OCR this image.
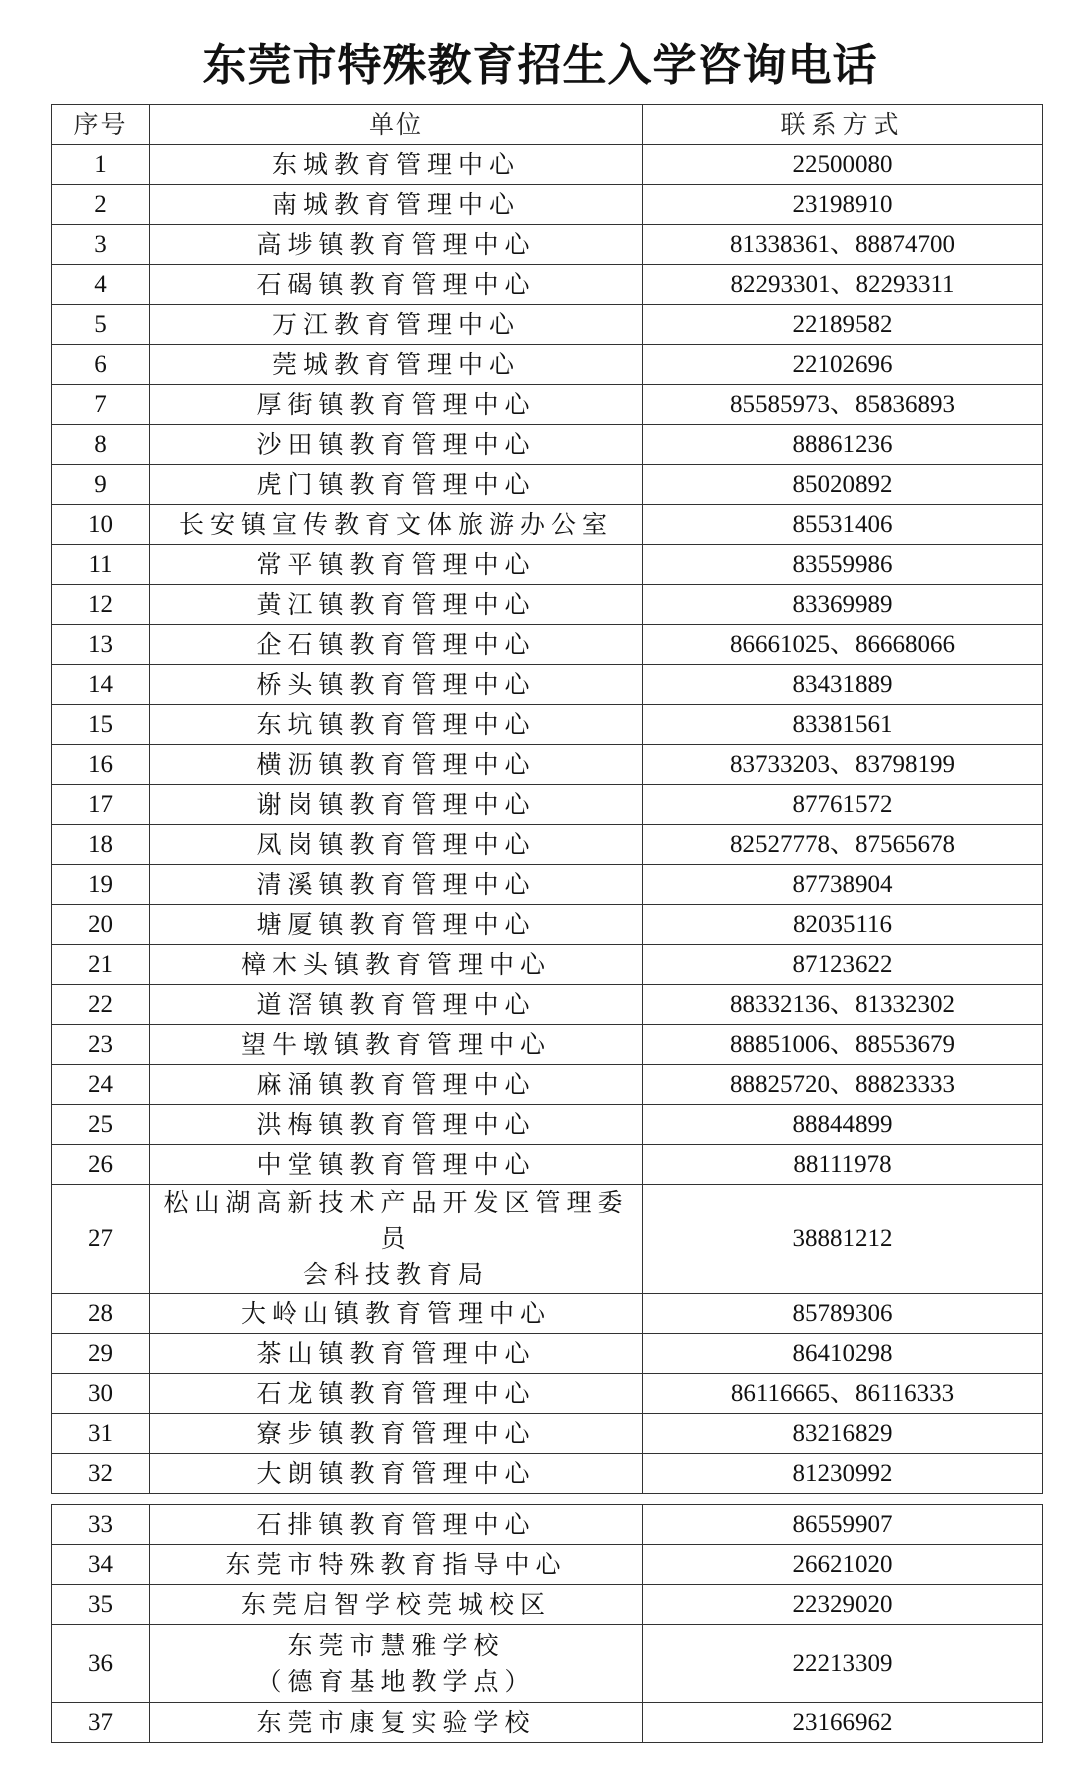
东莞市特殊教育招生入学咨询电话
序号	单位	联系方式
1	东城教育管理中心	22500080
2	南城教育管理中心	23198910
3	高埗镇教育管理中心	81338361、88874700
4	石碣镇教育管理中心	82293301、82293311
5	万江教育管理中心	22189582
6	莞城教育管理中心	22102696
7	厚街镇教育管理中心	85585973、85836893
8	沙田镇教育管理中心	88861236
9	虎门镇教育管理中心	85020892
10	长安镇宣传教育文体旅游办公室	85531406
11	常平镇教育管理中心	83559986
12	黄江镇教育管理中心	83369989
13	企石镇教育管理中心	86661025、86668066
14	桥头镇教育管理中心	83431889
15	东坑镇教育管理中心	83381561
16	横沥镇教育管理中心	83733203、83798199
17	谢岗镇教育管理中心	87761572
18	凤岗镇教育管理中心	82527778、87565678
19	清溪镇教育管理中心	87738904
20	塘厦镇教育管理中心	82035116
21	樟木头镇教育管理中心	87123622
22	道滘镇教育管理中心	88332136、81332302
23	望牛墩镇教育管理中心	88851006、88553679
24	麻涌镇教育管理中心	88825720、88823333
25	洪梅镇教育管理中心	88844899
26	中堂镇教育管理中心	88111978
27	松山湖高新技术产品开发区管理委员
会科技教育局	38881212
28	大岭山镇教育管理中心	85789306
29	茶山镇教育管理中心	86410298
30	石龙镇教育管理中心	86116665、86116333
31	寮步镇教育管理中心	83216829
32	大朗镇教育管理中心	81230992
33	石排镇教育管理中心	86559907
34	东莞市特殊教育指导中心	26621020
35	东莞启智学校莞城校区	22329020
36	东莞市慧雅学校
（德育基地教学点）	22213309
37	东莞市康复实验学校	23166962
